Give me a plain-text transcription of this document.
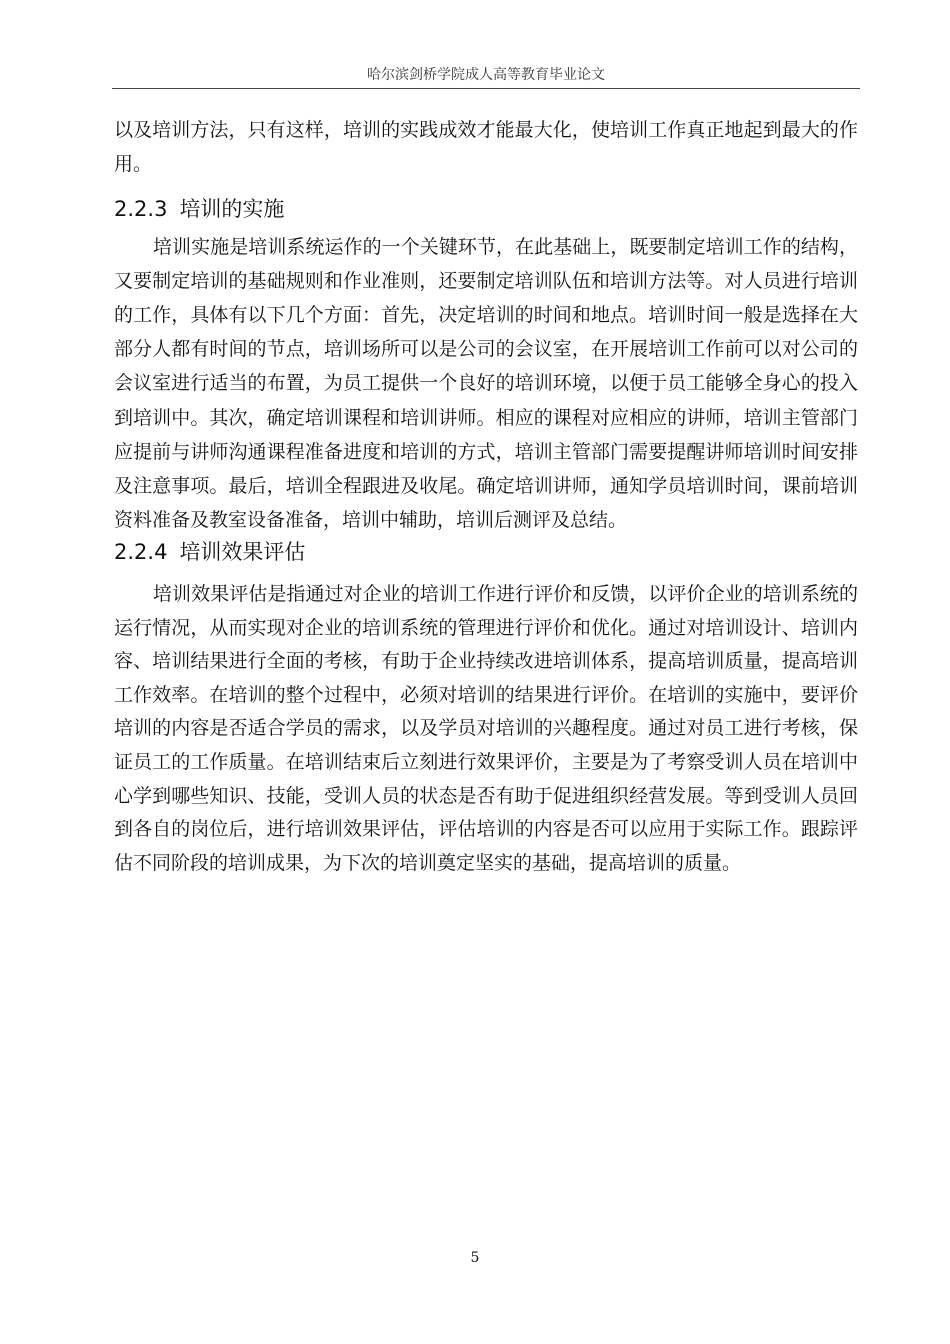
哈尔滨剑桥学院成人高等教育毕业论文
以及培训方法，只有这样，培训的实践成效才能最大化，使培训工作真正地起到最大的作
用。
2.2.3 培训的实施
培训实施是培训系统运作的一个关键环节，在此基础上，既要制定培训工作的结构，
又要制定培训的基础规则和作业准则，还要制定培训队伍和培训方法等。对人员进行培训
的工作，具体有以下几个方面：首先，决定培训的时间和地点。培训时间一般是选择在大
部分人都有时间的节点，培训场所可以是公司的会议室，在开展培训工作前可以对公司的
会议室进行适当的布置，为员工提供一个良好的培训环境，以便于员工能够全身心的投入
到培训中。其次，确定培训课程和培训讲师。相应的课程对应相应的讲师，培训主管部门
应提前与讲师沟通课程准备进度和培训的方式，培训主管部门需要提醒讲师培训时间安排
及注意事项。最后，培训全程跟进及收尾。确定培训讲师，通知学员培训时间，课前培训
资料准备及教室设备准备，培训中辅助，培训后测评及总结。
2.2.4 培训效果评估
培训效果评估是指通过对企业的培训工作进行评价和反馈，以评价企业的培训系统的
运行情况，从而实现对企业的培训系统的管理进行评价和优化。通过对培训设计、培训内
容、培训结果进行全面的考核，有助于企业持续改进培训体系，提高培训质量，提高培训
工作效率。在培训的整个过程中，必须对培训的结果进行评价。在培训的实施中，要评价
培训的内容是否适合学员的需求，以及学员对培训的兴趣程度。通过对员工进行考核，保
证员工的工作质量。在培训结束后立刻进行效果评价，主要是为了考察受训人员在培训中
心学到哪些知识、技能，受训人员的状态是否有助于促进组织经营发展。等到受训人员回
到各自的岗位后，进行培训效果评估，评估培训的内容是否可以应用于实际工作。跟踪评
估不同阶段的培训成果，为下次的培训奠定坚实的基础，提高培训的质量。
5
